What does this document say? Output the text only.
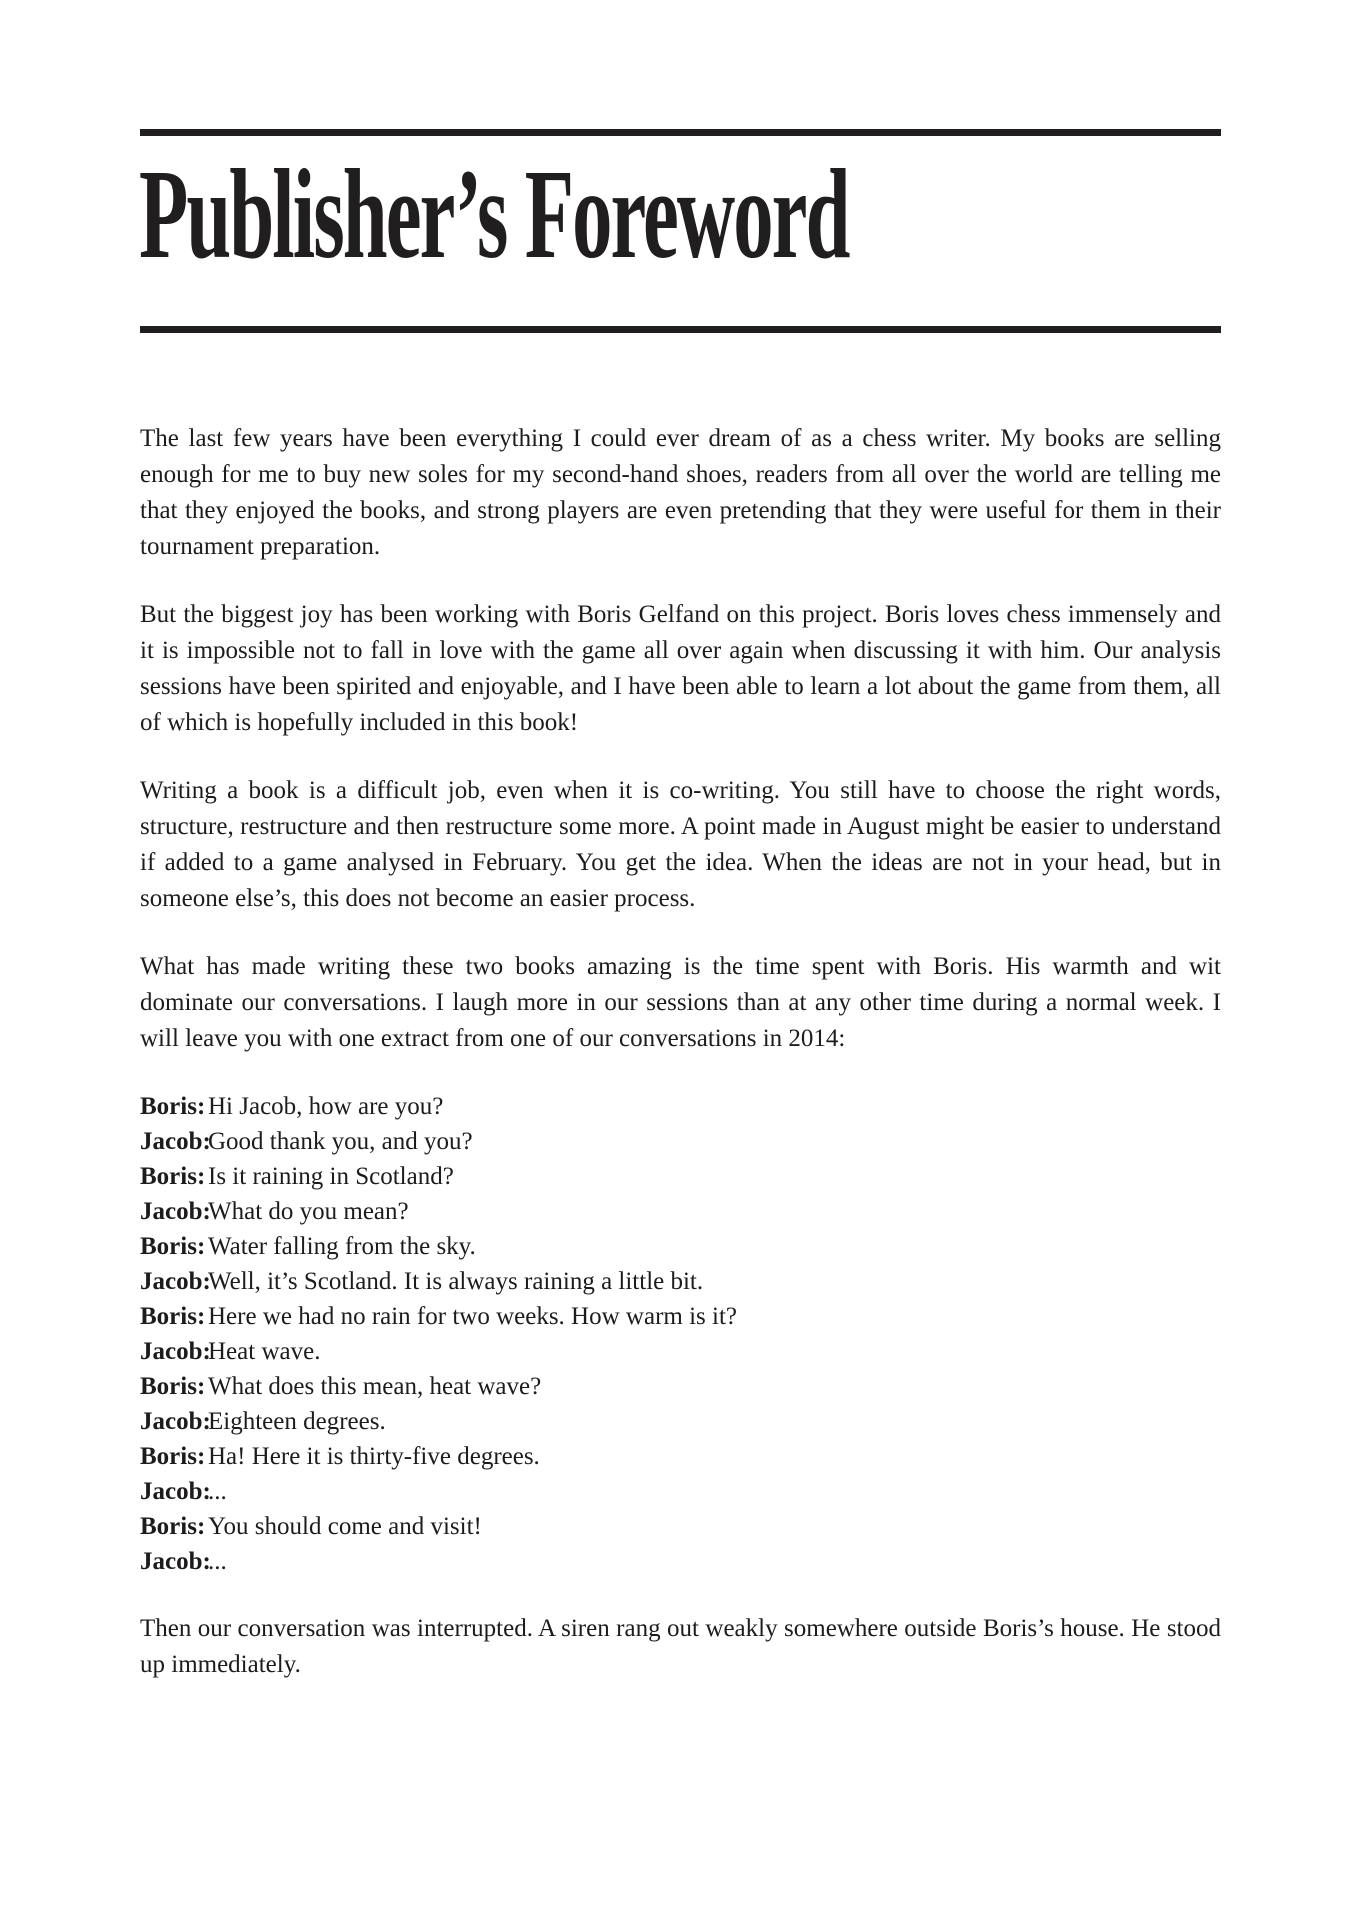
Publisher’s Foreword

The last few years have been everything I could ever dream of as a chess writer. My books are selling enough for me to buy new soles for my second-hand shoes, readers from all over the world are telling me that they enjoyed the books, and strong players are even pretending that they were useful for them in their tournament preparation.

But the biggest joy has been working with Boris Gelfand on this project. Boris loves chess immensely and it is impossible not to fall in love with the game all over again when discussing it with him. Our analysis sessions have been spirited and enjoyable, and I have been able to learn a lot about the game from them, all of which is hopefully included in this book!

Writing a book is a difficult job, even when it is co-writing. You still have to choose the right words, structure, restructure and then restructure some more. A point made in August might be easier to understand if added to a game analysed in February. You get the idea. When the ideas are not in your head, but in someone else’s, this does not become an easier process.

What has made writing these two books amazing is the time spent with Boris. His warmth and wit dominate our conversations. I laugh more in our sessions than at any other time during a normal week. I will leave you with one extract from one of our conversations in 2014:

Boris: Hi Jacob, how are you?
Jacob:
Good thank you, and you?
Boris: Is it raining in Scotland?
Jacob:
What do you mean?
Boris: Water falling from the sky.
Jacob:
Well, it’s Scotland. It is always raining a little bit.
Boris: Here we had no rain for two weeks. How warm is it?
Jacob:
Heat wave.
Boris: What does this mean, heat wave?
Jacob:
Eighteen degrees.
Boris: Ha! Here it is thirty-five degrees.
Jacob:
...
Boris: You should come and visit!
Jacob:
...

Then our conversation was interrupted. A siren rang out weakly somewhere outside Boris’s house. He stood up immediately.
